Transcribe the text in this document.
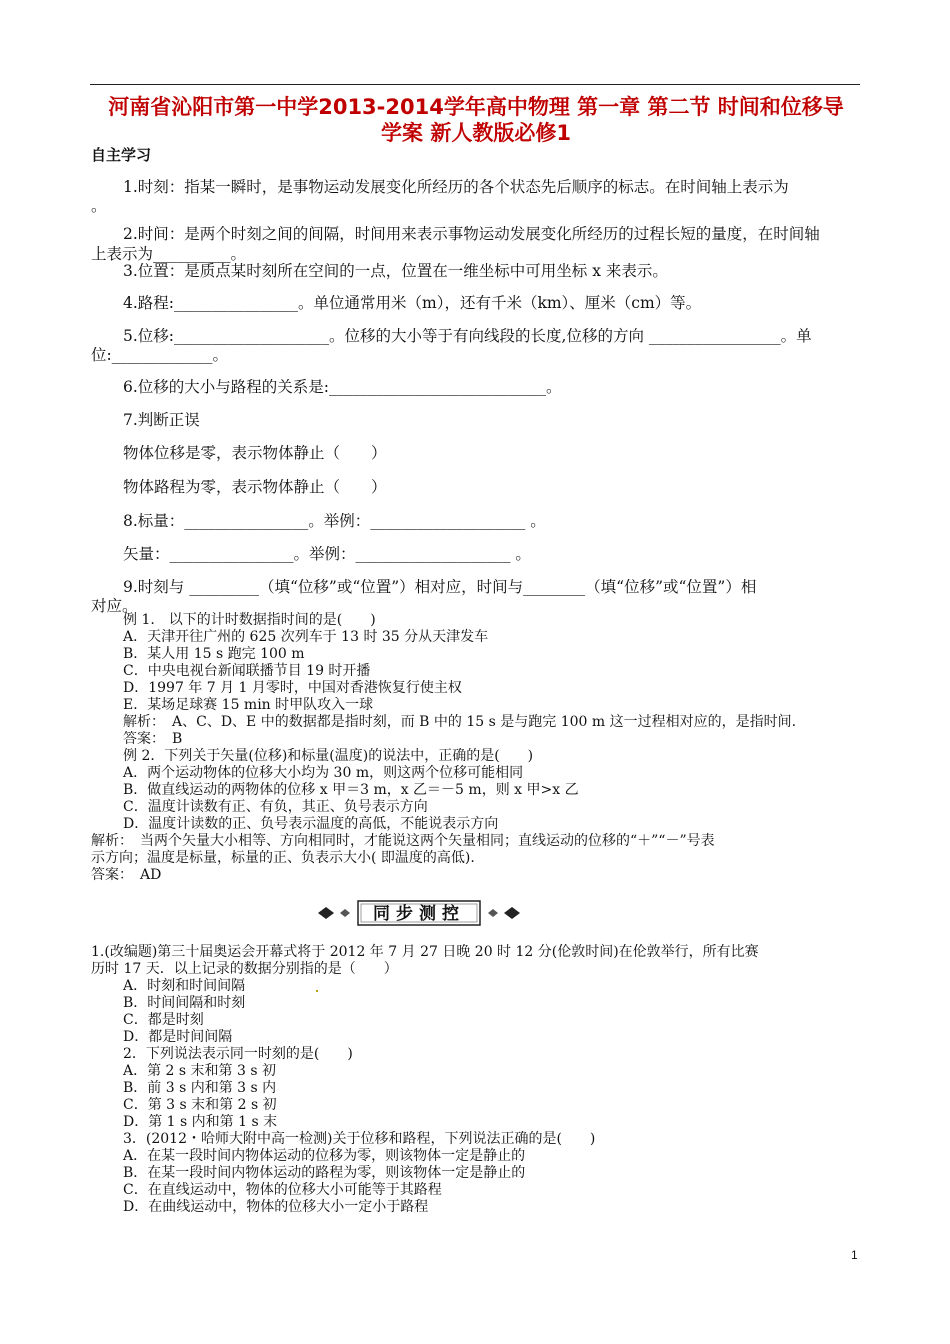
河南省沁阳市第一中学2013-2014学年高中物理 第一章 第二节 时间和位移导
学案 新人教版必修1
自主学习
1.时刻：指某一瞬时，是事物运动发展变化所经历的各个状态先后顺序的标志。在时间轴上表示为
。
2.时间：是两个时刻之间的间隔，时间用来表示事物运动发展变化所经历的过程长短的量度，在时间轴
上表示为__________。
3.位置：是质点某时刻所在空间的一点，位置在一维坐标中可用坐标 x 来表示。
4.路程:________________。单位通常用米（m），还有千米（km）、厘米（cm）等。
5.位移:____________________。位移的大小等于有向线段的长度,位移的方向 _________________。单
位:_____________。
6.位移的大小与路程的关系是:____________________________。
7.判断正误
物体位移是零，表示物体静止（　　）
物体路程为零，表示物体静止（　　）
8.标量：________________。举例：____________________ 。
矢量：________________。举例：____________________ 。
9.时刻与 _________（填“位移”或“位置”）相对应，时间与________（填“位移”或“位置”）相
对应。
例 1.　以下的计时数据指时间的是(　　)
A．天津开往广州的 625 次列车于 13 时 35 分从天津发车
B．某人用 15 s 跑完 100 m
C．中央电视台新闻联播节目 19 时开播
D．1997 年 7 月 1 月零时，中国对香港恢复行使主权
E．某场足球赛 15 min 时甲队攻入一球
解析：　A、C、D、E 中的数据都是指时刻，而 B 中的 15 s 是与跑完 100 m 这一过程相对应的，是指时间.
答案：　B
例 2．下列关于矢量(位移)和标量(温度)的说法中，正确的是(　　)
A．两个运动物体的位移大小均为 30 m，则这两个位移可能相同
B．做直线运动的两物体的位移 x 甲＝3 m，x 乙＝－5 m，则 x 甲>x 乙
C．温度计读数有正、有负，其正、负号表示方向
D．温度计读数的正、负号表示温度的高低，不能说表示方向
解析：　当两个矢量大小相等、方向相同时，才能说这两个矢量相同；直线运动的位移的“＋”“－”号表
示方向；温度是标量，标量的正、负表示大小( 即温度的高低).
答案：　AD
同步测控
1.(改编题)第三十届奥运会开幕式将于 2012 年 7 月 27 日晚 20 时 12 分(伦敦时间)在伦敦举行，所有比赛
历时 17 天．以上记录的数据分别指的是（　　）
A．时刻和时间间隔
B．时间间隔和时刻
C．都是时刻
D．都是时间间隔
2．下列说法表示同一时刻的是(　　)
A．第 2 s 末和第 3 s 初
B．前 3 s 内和第 3 s 内
C．第 3 s 末和第 2 s 初
D．第 1 s 内和第 1 s 末
3．(2012・哈师大附中高一检测)关于位移和路程，下列说法正确的是(　　)
A．在某一段时间内物体运动的位移为零，则该物体一定是静止的
B．在某一段时间内物体运动的路程为零，则该物体一定是静止的
C．在直线运动中，物体的位移大小可能等于其路程
D．在曲线运动中，物体的位移大小一定小于路程
1
